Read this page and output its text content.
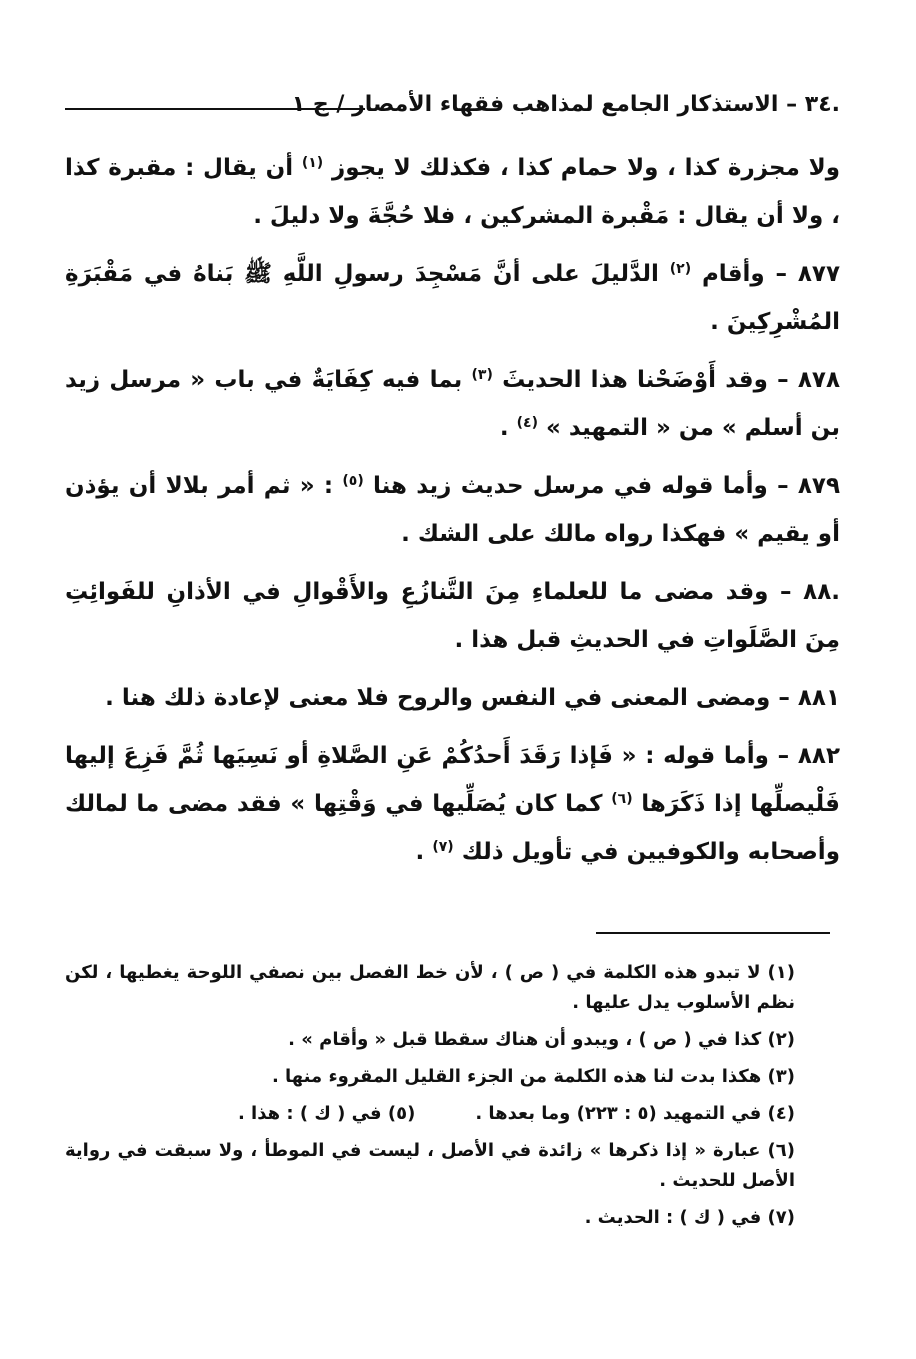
.٣٤ – الاستذكار الجامع لمذاهب فقهاء الأمصار / ج ١

ولا مجزرة كذا ، ولا حمام كذا ، فكذلك لا يجوز $^{(١)}$ أن يقال : مقبرة كذا ، ولا أن يقال : مَقْبرة المشركين ، فلا حُجَّةَ ولا دليلَ .

٨٧٧ – وأقام $^{(٢)}$ الدَّليلَ على أنَّ مَسْجِدَ رسولِ اللَّهِ ﷺ بَناهُ في مَقْبَرَةِ المُشْرِكِينَ .

٨٧٨ – وقد أَوْضَحْنا هذا الحديثَ $^{(٣)}$ بما فيه كِفَايَةٌ في باب « مرسل زيد بن أسلم » من « التمهيد » $^{(٤)}$ .

٨٧٩ – وأما قوله في مرسل حديث زيد هنا $^{(٥)}$ : « ثم أمر بلالا أن يؤذن أو يقيم » فهكذا رواه مالك على الشك .

.٨٨ – وقد مضى ما للعلماءِ مِنَ التَّنازُعِ والأَقْوالِ في الأذانِ للفَوائِتِ مِنَ الصَّلَواتِ في الحديثِ قبل هذا .

٨٨١ – ومضى المعنى في النفس والروح فلا معنى لإعادة ذلك هنا .

٨٨٢ – وأما قوله : « فَإذا رَقَدَ أَحدُكُمْ عَنِ الصَّلاةِ أو نَسِيَها ثُمَّ فَزِعَ إليها فَلْيصلِّها إذا ذَكَرَها $^{(٦)}$ كما كان يُصَلِّيها في وَقْتِها » فقد مضى ما لمالك وأصحابه والكوفيين في تأويل ذلك $^{(٧)}$ .

(١) لا تبدو هذه الكلمة في ( ص ) ، لأن خط الفصل بين نصفي اللوحة يغطيها ، لكن نظم الأسلوب يدل عليها .

(٢) كذا في ( ص ) ، ويبدو أن هناك سقطا قبل « وأقام » .

(٣) هكذا بدت لنا هذه الكلمة من الجزء القليل المقروء منها .

(٤) في التمهيد (٥ : ٢٢٣) وما بعدها .
(٥) في ( ك ) : هذا .

(٦) عبارة « إذا ذكرها » زائدة في الأصل ، ليست في الموطأ ، ولا سبقت في رواية الأصل للحديث .

(٧) في ( ك ) : الحديث .
